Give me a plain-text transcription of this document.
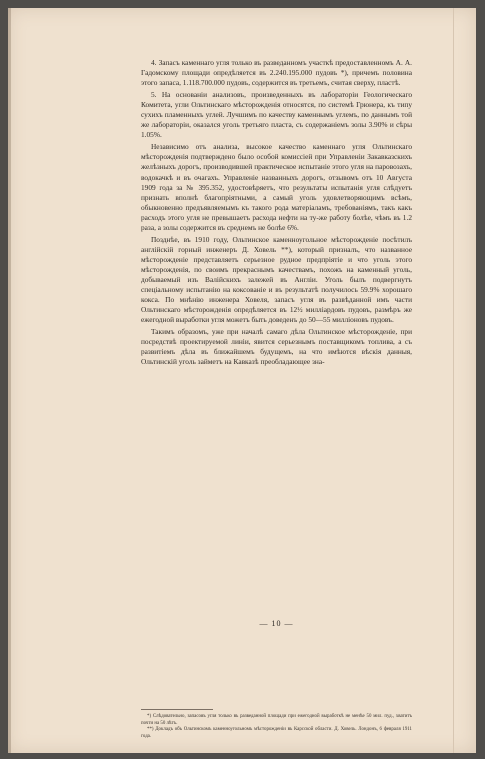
4. Запасъ каменнаго угля только въ разведанномъ участкѣ предоставленномъ А. А. Гадомскому площади опредѣляется въ 2.240.195.000 пудовъ *), причемъ половина этого запаса, 1.118.700.000 пудовъ, содержится въ третьемъ, считая сверху, пластѣ.

5. На основаніи анализовъ, произведенныхъ въ лабораторіи Геологическаго Комитета, угли Ольтинскаго мѣсторожденія относятся, по системѣ Грюнера, къ типу сухихъ пламенныхъ углей. Лучшимъ по качеству каменнымъ углемъ, по даннымъ той же лабораторіи, оказался уголь третьяго пласта, съ содержаніемъ золы 3.90% и сѣры 1.05%.

Независимо отъ анализа, высокое качество каменнаго угля Ольтинскаго мѣсторожденія подтверждено было особой комиссіей при Управленіи Закавказскихъ желѣзныхъ дорогъ, производившей практическое испытаніе этого угля на паровозахъ, водокачкѣ и въ очагахъ. Управленіе названныхъ дорогъ, отзывомъ отъ 10 Августа 1909 года за № 395.352, удостовѣряетъ, что результаты испытанія угля слѣдуетъ признать вполнѣ благопріятными, а самый уголь удовлетворяющимъ всѣмъ, обыкновенно предъявляемымъ къ такого рода матеріаламъ, требованіямъ, такъ какъ расходъ этого угля не превышаетъ расхода нефти на ту-же работу болѣе, чѣмъ въ 1.2 раза, а золы содержится въ среднемъ не болѣе 6%.

Позднѣе, въ 1910 году, Ольтинское каменноугольное мѣсторожденіе посѣтилъ англійскій горный инженеръ Д. Ховель **), который призналъ, что названное мѣсторожденіе представляетъ серьезное рудное предпріятіе и что уголь этого мѣсторожденія, по своимъ прекраснымъ качествамъ, похожъ на каменный уголь, добываемый изъ Валійскихъ залежей въ Англіи. Уголь былъ подвергнутъ спеціальному испытанію на коксованіе и въ результатѣ получилось 59.9% хорошаго кокса. По мнѣнію инженера Ховеля, запасъ угля въ развѣданной имъ части Ольтинскаго мѣсторожденія опредѣляется въ 12½ милліардовъ пудовъ, размѣръ же ежегодной выработки угля можетъ быть доведенъ до 50—55 милліоновъ пудовъ.

Такимъ образомъ, уже при началѣ самаго дѣла Ольтинское мѣсторожденіе, при посредствѣ проектируемой линіи, явится серьезнымъ поставщикомъ топлива, а съ развитіемъ дѣла въ ближайшемъ будущемъ, на что имѣются вѣскія данныя, Ольтинскій уголь займетъ на Кавказѣ преобладающее зна-

— 10 —

*) Слѣдовательно, запасовъ угля только въ разведанной площади при ежегодной выработкѣ не менѣе 50 мил. пуд., хватитъ почти на 50 лѣтъ.

**) Докладъ объ Ольтинскомъ каменноугольномъ мѣсторожденіи въ Карсской области. Д. Ховель. Лондонъ, 6 февраля 1911 года.
